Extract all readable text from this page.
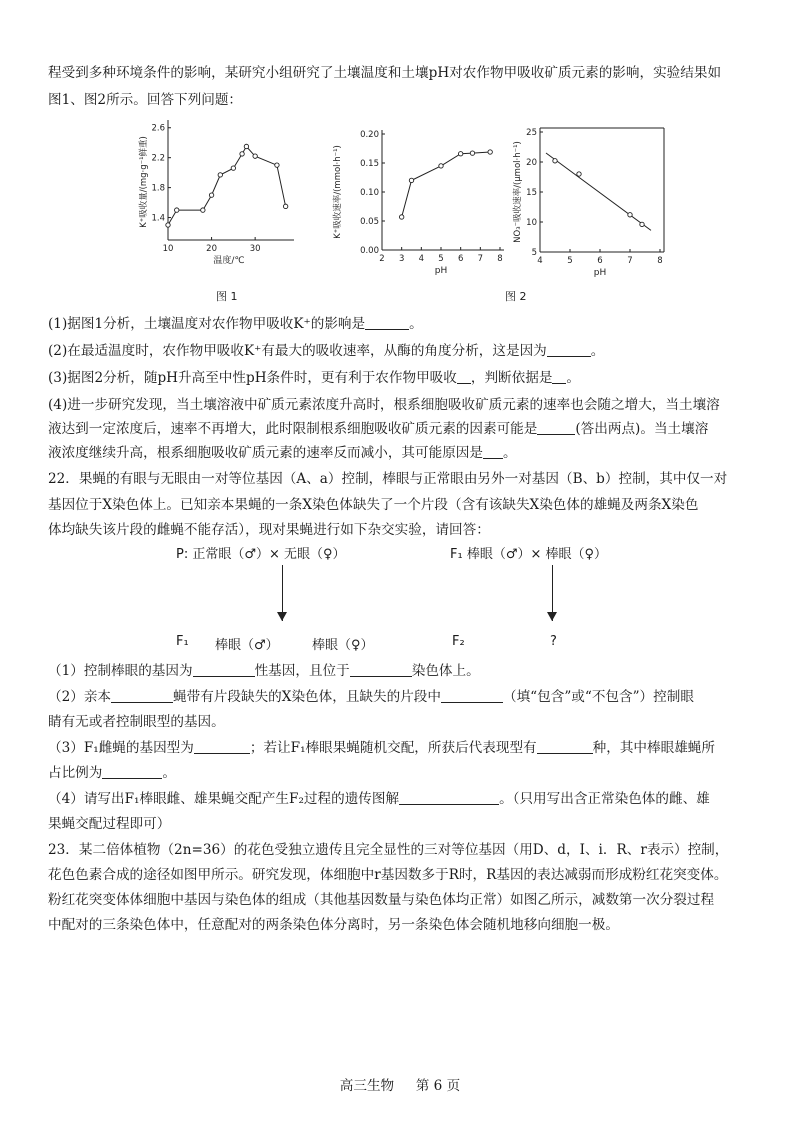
程受到多种环境条件的影响，某研究小组研究了土壤温度和土壤pH对农作物甲吸收矿质元素的影响，实验结果如
图1、图2所示。回答下列问题：
10	20	30
1.4
1.8
2.2
2.6
温度/℃
K⁺吸收量/(mg·g⁻¹鲜重)
2 3 4 5 6 7 8
0.00
0.05
0.10
0.15
0.20
pH
K⁺吸收速率/(mmol·h⁻¹)
4	5	6	7	8
5
10
15
20
25
pH
NO₃⁻吸收速率/(μmol·h⁻¹)
图 1	图 2
(1)据图1分析，土壤温度对农作物甲吸收K⁺的影响是	。
(2)在最适温度时，农作物甲吸收K⁺有最大的吸收速率，从酶的角度分析，这是因为	。
(3)据图2分析，随pH升高至中性pH条件时，更有利于农作物甲吸收 ，判断依据是 。
(4)进一步研究发现，当土壤溶液中矿质元素浓度升高时，根系细胞吸收矿质元素的速率也会随之增大，当土壤溶
液达到一定浓度后，速率不再增大，此时限制根系细胞吸收矿质元素的因素可能是	(答出两点)。当土壤溶
液浓度继续升高，根系细胞吸收矿质元素的速率反而减小，其可能原因是 。
22．果蝇的有眼与无眼由一对等位基因（A、a）控制，棒眼与正常眼由另外一对基因（B、b）控制，其中仅一对
基因位于X染色体上。已知亲本果蝇的一条X染色体缺失了一个片段（含有该缺失X染色体的雄蝇及两条X染色
体均缺失该片段的雌蝇不能存活），现对果蝇进行如下杂交实验，请回答：
P: 正常眼（♂）× 无眼（♀）	F₁ 棒眼（♂）× 棒眼（♀）
F₁ 棒眼（♂）	棒眼（♀）	F₂	?
（1）控制棒眼的基因为	性基因，且位于	染色体上。
（2）亲本	蝇带有片段缺失的X染色体，且缺失的片段中	（填“包含”或“不包含”）控制眼
睛有无或者控制眼型的基因。
（3）F₁雌蝇的基因型为	；若让F₁棒眼果蝇随机交配，所获后代表现型有	种，其中棒眼雄蝇所
占比例为	。
（4）请写出F₁棒眼雌、雄果蝇交配产生F₂过程的遗传图解	。（只用写出含正常染色体的雌、雄
果蝇交配过程即可）
23．某二倍体植物（2n=36）的花色受独立遗传且完全显性的三对等位基因（用D、d，I、i．R、r表示）控制，
花色色素合成的途径如图甲所示。研究发现，体细胞中r基因数多于R时，R基因的表达减弱而形成粉红花突变体。
粉红花突变体体细胞中基因与染色体的组成（其他基因数量与染色体均正常）如图乙所示，减数第一次分裂过程
中配对的三条染色体中，任意配对的两条染色体分离时，另一条染色体会随机地移向细胞一极。
高三生物 第 6 页
